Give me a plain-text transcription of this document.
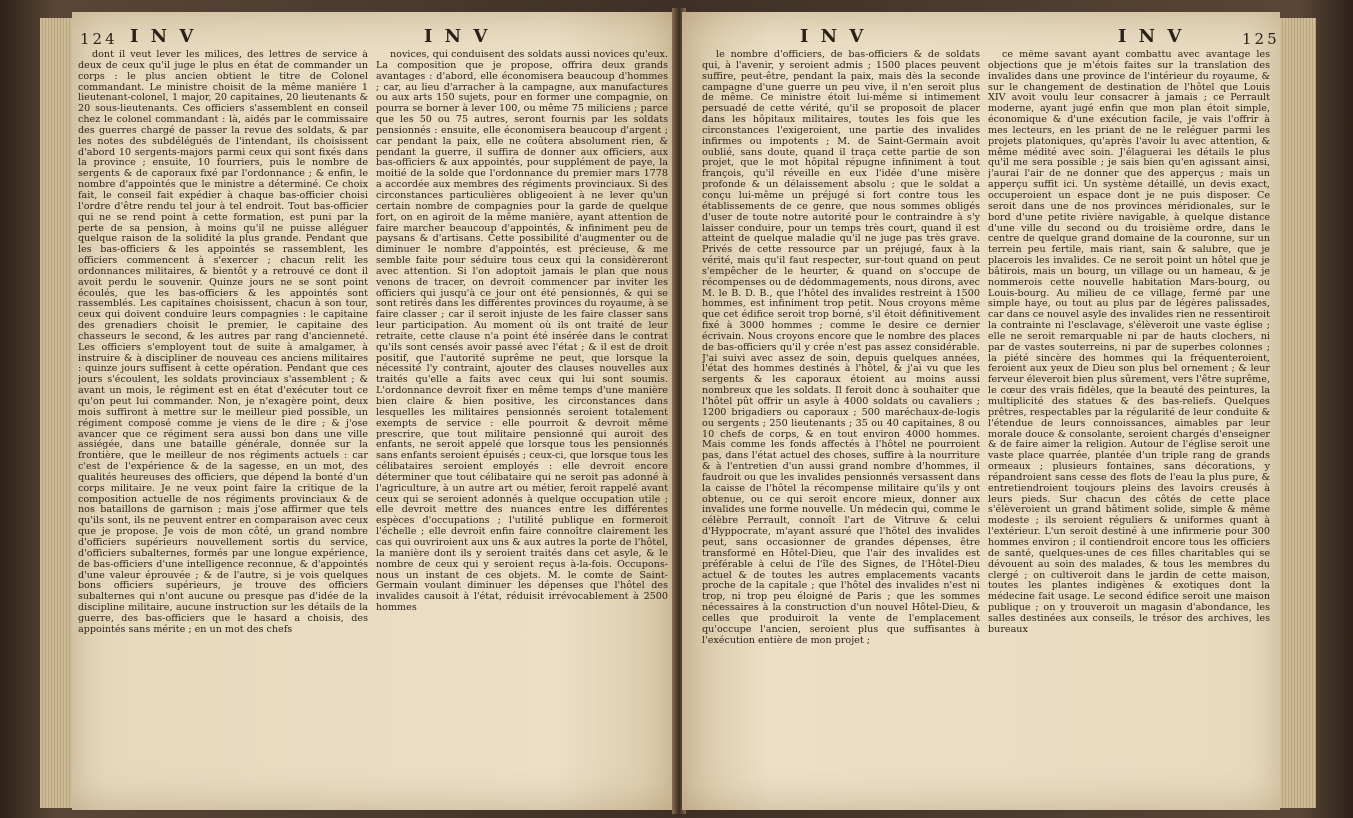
124 I N V	I N V

dont il veut lever les milices, des lettres de service à deux de ceux qu'il juge le plus en état de commander un corps : le plus ancien obtient le titre de Colonel commandant. Le ministre choisit de la même manière 1 lieutenant-colonel, 1 major, 20 capitaines, 20 lieutenants & 20 sous-lieutenants. Ces officiers s'assemblent en conseil chez le colonel commandant : là, aidés par le commissaire des guerres chargé de passer la revue des soldats, & par les notes des subdélégués de l'intendant, ils choisissent d'abord 10 sergents-majors parmi ceux qui sont fixés dans la province ; ensuite, 10 fourriers, puis le nombre de sergents & de caporaux fixé par l'ordonnance ; & enfin, le nombre d'appointés que le ministre a déterminé. Ce choix fait, le conseil fait expédier à chaque bas-officier choisi l'ordre d'être rendu tel jour à tel endroit. Tout bas-officier qui ne se rend point à cette formation, est puni par la perte de sa pension, à moins qu'il ne puisse alléguer quelque raison de la solidité la plus grande. Pendant que les bas-officiers & les appointés se rassemblent, les officiers commencent à s'exercer ; chacun relit les ordonnances militaires, & bientôt y a retrouvé ce dont il avoit perdu le souvenir. Quinze jours ne se sont point écoulés, que les bas-officiers & les appointés sont rassemblés. Les capitaines choisissent, chacun à son tour, ceux qui doivent conduire leurs compagnies : le capitaine des grenadiers choisit le premier, le capitaine des chasseurs le second, & les autres par rang d'ancienneté. Les officiers s'employent tout de suite à amalgamer, à instruire & à discipliner de nouveau ces anciens militaires : quinze jours suffisent à cette opération. Pendant que ces jours s'écoulent, les soldats provinciaux s'assemblent ; & avant un mois, le régiment est en état d'exécuter tout ce qu'on peut lui commander. Non, je n'exagère point, deux mois suffiront à mettre sur le meilleur pied possible, un régiment composé comme je viens de le dire ; & j'ose avancer que ce régiment sera aussi bon dans une ville assiégée, dans une bataille générale, donnée sur la frontière, que le meilleur de nos régiments actuels : car c'est de l'expérience & de la sagesse, en un mot, des qualités heureuses des officiers, que dépend la bonté d'un corps militaire. Je ne veux point faire la critique de la composition actuelle de nos régiments provinciaux & de nos bataillons de garnison ; mais j'ose affirmer que tels qu'ils sont, ils ne peuvent entrer en comparaison avec ceux que je propose. Je vois de mon côté, un grand nombre d'officiers supérieurs nouvellement sortis du service, d'officiers subalternes, formés par une longue expérience, de bas-officiers d'une intelligence reconnue, & d'appointés d'une valeur éprouvée ; & de l'autre, si je vois quelques bons officiers supérieurs, je trouve des officiers subalternes qui n'ont aucune ou presque pas d'idée de la discipline militaire, aucune instruction sur les détails de la guerre, des bas-officiers que le hasard a choisis, des appointés sans mérite ; en un mot des chefs

novices, qui conduisent des soldats aussi novices qu'eux. La composition que je propose, offrira deux grands avantages : d'abord, elle économisera beaucoup d'hommes ; car, au lieu d'arracher à la campagne, aux manufactures ou aux arts 150 sujets, pour en former une compagnie, on pourra se borner à lever 100, ou même 75 miliciens ; parce que les 50 ou 75 autres, seront fournis par les soldats pensionnés : ensuite, elle économisera beaucoup d'argent ; car pendant la paix, elle ne coûtera absolument rien, & pendant la guerre, il suffira de donner aux officiers, aux bas-officiers & aux appointés, pour supplément de paye, la moitié de la solde que l'ordonnance du premier mars 1778 a accordée aux membres des régiments provinciaux. Si des circonstances particulières obligeoient à ne lever qu'un certain nombre de compagnies pour la garde de quelque fort, on en agiroit de la même manière, ayant attention de faire marcher beaucoup d'appointés, & infiniment peu de paysans & d'artisans. Cette possibilité d'augmenter ou de diminuer le nombre d'appointés, est précieuse, & me semble faite pour séduire tous ceux qui la considèreront avec attention. Si l'on adoptoit jamais le plan que nous venons de tracer, on devroit commencer par inviter les officiers qui jusqu'à ce jour ont été pensionnés, & qui se sont retirés dans les différentes provinces du royaume, à se faire classer ; car il seroit injuste de les faire classer sans leur participation. Au moment où ils ont traité de leur retraite, cette clause n'a point été insérée dans le contrat qu'ils sont censés avoir passé avec l'état ; & il est de droit positif, que l'autorité suprême ne peut, que lorsque la nécessité l'y contraint, ajouter des clauses nouvelles aux traités qu'elle a faits avec ceux qui lui sont soumis. L'ordonnance devroit fixer en même temps d'une manière bien claire & bien positive, les circonstances dans lesquelles les militaires pensionnés seroient totalement exempts de service : elle pourroit & devroit même prescrire, que tout militaire pensionné qui auroit des enfants, ne seroit appelé que lorsque tous les pensionnés sans enfants seroient épuisés ; ceux-ci, que lorsque tous les célibataires seroient employés : elle devroit encore déterminer que tout célibataire qui ne seroit pas adonné à l'agriculture, à un autre art ou métier, feroit rappelé avant ceux qui se seroient adonnés à quelque occupation utile ; elle devroit mettre des nuances entre les différentes espèces d'occupations ; l'utilité publique en formeroit l'échelle ; elle devroit enfin faire connoître clairement les cas qui ouvriroient aux uns & aux autres la porte de l'hôtel, la manière dont ils y seroient traités dans cet asyle, & le nombre de ceux qui y seroient reçus à-la-fois. Occupons-nous un instant de ces objets. M. le comte de Saint-Germain voulant diminuer les dépenses que l'hôtel des invalides causoit à l'état, réduisit irrévocablement à 2500 hommes

I N V	I N V	125

le nombre d'officiers, de bas-officiers & de soldats qui, à l'avenir, y seroient admis ; 1500 places peuvent suffire, peut-être, pendant la paix, mais dès la seconde campagne d'une guerre un peu vive, il n'en seroit plus de même. Ce ministre étoit lui-même si intimement persuadé de cette vérité, qu'il se proposoit de placer dans les hôpitaux militaires, toutes les fois que les circonstances l'exigeroient, une partie des invalides infirmes ou impotents ; M. de Saint-Germain avoit oublié, sans doute, quand il traça cette partie de son projet, que le mot hôpital répugne infiniment à tout françois, qu'il réveille en eux l'idée d'une misère profonde & un délaissement absolu ; que le soldat a conçu lui-même un préjugé si fort contre tous les établissements de ce genre, que nous sommes obligés d'user de toute notre autorité pour le contraindre à s'y laisser conduire, pour un temps très court, quand il est atteint de quelque maladie qu'il ne juge pas très grave. Privés de cette ressource par un préjugé, faux à la vérité, mais qu'il faut respecter, sur-tout quand on peut s'empêcher de le heurter, & quand on s'occupe de récompenses ou de dédommagements, nous dirons, avec M. le B. D. B., que l'hôtel des invalides restreint à 1500 hommes, est infiniment trop petit. Nous croyons même que cet édifice seroit trop borné, s'il étoit définitivement fixé à 3000 hommes ; comme le desire ce dernier écrivain. Nous croyons encore que le nombre des places de bas-officiers qu'il y crée n'est pas assez considérable. J'ai suivi avec assez de soin, depuis quelques années, l'état des hommes destinés à l'hôtel, & j'ai vu que les sergents & les caporaux étoient au moins aussi nombreux que les soldats. Il feroit donc à souhaiter que l'hôtel pût offrir un asyle à 4000 soldats ou cavaliers ; 1200 brigadiers ou caporaux ; 500 maréchaux-de-logis ou sergents ; 250 lieutenants ; 35 ou 40 capitaines, 8 ou 10 chefs de corps, & en tout environ 4000 hommes. Mais comme les fonds affectés à l'hôtel ne pourroient pas, dans l'état actuel des choses, suffire à la nourriture & à l'entretien d'un aussi grand nombre d'hommes, il faudroit ou que les invalides pensionnés versassent dans la caisse de l'hôtel la récompense militaire qu'ils y ont obtenue, ou ce qui seroit encore mieux, donner aux invalides une forme nouvelle. Un médecin qui, comme le célèbre Perrault, connoît l'art de Vitruve & celui d'Hyppocrate, m'ayant assuré que l'hôtel des invalides peut, sans occasionner de grandes dépenses, être transformé en Hôtel-Dieu, que l'air des invalides est préférable à celui de l'île des Signes, de l'Hôtel-Dieu actuel & de toutes les autres emplacements vacants proche de la capitale ; que l'hôtel des invalides n'est ni trop, ni trop peu éloigné de Paris ; que les sommes nécessaires à la construction d'un nouvel Hôtel-Dieu, & celles que produiroit la vente de l'emplacement qu'occupe l'ancien, seroient plus que suffisantes à l'exécution entière de mon projet ;

ce même savant ayant combattu avec avantage les objections que je m'étois faites sur la translation des invalides dans une province de l'intérieur du royaume, & sur le changement de destination de l'hôtel que Louis XIV avoit voulu leur consacrer à jamais ; ce Perrault moderne, ayant jugé enfin que mon plan étoit simple, économique & d'une exécution facile, je vais l'offrir à mes lecteurs, en les priant de ne le reléguer parmi les projets platoniques, qu'après l'avoir lu avec attention, & même médité avec soin. J'élaguerai les détails le plus qu'il me sera possible ; je sais bien qu'en agissant ainsi, j'aurai l'air de ne donner que des apperçus ; mais un apperçu suffit ici. Un système détaillé, un devis exact, occuperoient un espace dont je ne puis disposer. Ce seroit dans une de nos provinces méridionales, sur le bord d'une petite rivière navigable, à quelque distance d'une ville du second ou du troisième ordre, dans le centre de quelque grand domaine de la couronne, sur un terrein peu fertile, mais riant, sain & salubre, que je placerois les invalides. Ce ne seroit point un hôtel que je bâtirois, mais un bourg, un village ou un hameau, & je nommerois cette nouvelle habitation Mars-bourg, ou Louis-bourg. Au milieu de ce village, fermé par une simple haye, ou tout au plus par de légères palissades, car dans ce nouvel asyle des invalides rien ne ressentiroit la contrainte ni l'esclavage, s'élèveroit une vaste église ; elle ne seroit remarquable ni par de hauts clochers, ni par de vastes souterreins, ni par de superbes colonnes ; la piété sincère des hommes qui la fréquenteroient, feroient aux yeux de Dieu son plus bel ornement ; & leur ferveur éleveroit bien plus sûrement, vers l'être suprême, le cœur des vrais fidèles, que la beauté des peintures, la multiplicité des statues & des bas-reliefs. Quelques prêtres, respectables par la régularité de leur conduite & l'étendue de leurs connoissances, aimables par leur morale douce & consolante, seroient chargés d'enseigner & de faire aimer la religion. Autour de l'église seroit une vaste place quarrée, plantée d'un triple rang de grands ormeaux ; plusieurs fontaines, sans décorations, y répandroient sans cesse des flots de l'eau la plus pure, & entretiendroient toujours pleins des lavoirs creusés à leurs pieds. Sur chacun des côtés de cette place s'élèveroient un grand bâtiment solide, simple & même modeste ; ils seroient réguliers & uniformes quant à l'extérieur. L'un seroit destiné à une infirmerie pour 300 hommes environ ; il contiendroit encore tous les officiers de santé, quelques-unes de ces filles charitables qui se dévouent au soin des malades, & tous les membres du clergé ; on cultiveroit dans le jardin de cette maison, toutes les plantes indigènes & exotiques dont la médecine fait usage. Le second édifice seroit une maison publique ; on y trouveroit un magasin d'abondance, les salles destinées aux conseils, le trésor des archives, les bureaux
